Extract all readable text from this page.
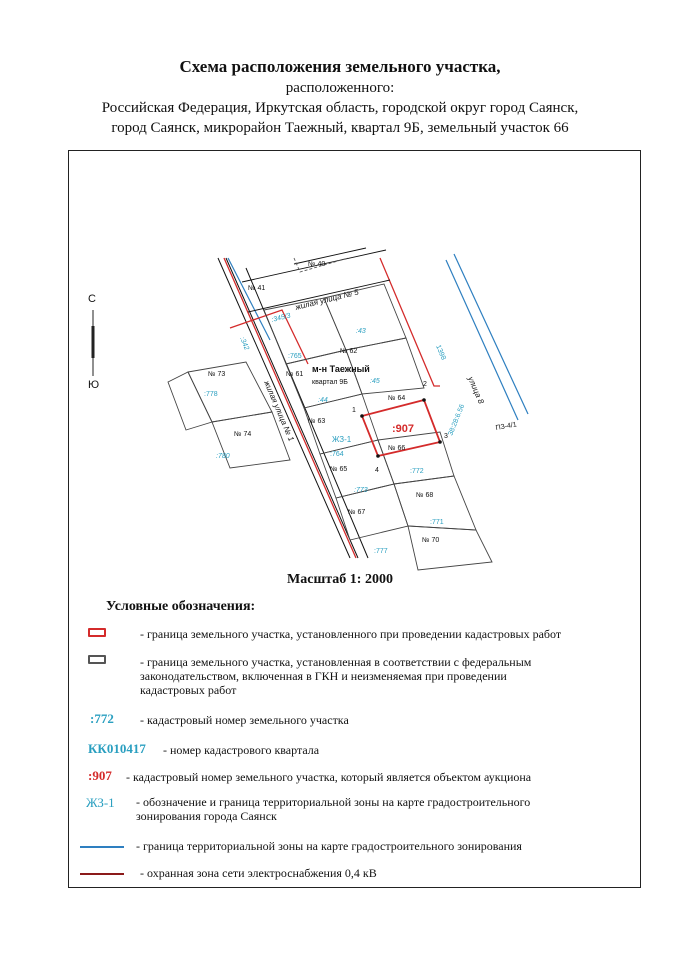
Схема расположения земельного участка,
расположенного:
Российская Федерация, Иркутская область, городской округ город Саянск,
город Саянск, микрорайон Таежный, квартал 9Б, земельный участок 66
С
Ю
1
2
3
4
жилая улица № 5
жилая улица № 1	улица 8
м-н Таежный
квартал 9Б
ЖЗ-1
ПЗ-4/1
:907
№ 40
№ 41
:345/3
:342
:765
№ 62
:43
№ 61
:45
№ 73
:778
:44	№ 64
№ 63
№ 74
№ 66
:764
:780
№ 65	:772
:773
№ 68
№ 67
:771
№ 70
:777
1398
38:28:6.56
Масштаб 1: 2000
Условные обозначения:
- граница земельного участка, установленного при проведении кадастровых работ
- граница земельного участка, установленная в соответствии с федеральным
законодательством, включенная в ГКН и неизменяемая при проведении
кадастровых работ
:772 - кадастровый номер земельного участка
КК010417 - номер кадастрового квартала
:907 - кадастровый номер земельного участка, который является объектом аукциона
ЖЗ-1 - обозначение и граница территориальной зоны на карте градостроительного
зонирования города Саянск
- граница территориальной зоны на карте градостроительного зонирования
- охранная зона сети электроснабжения 0,4 кВ
